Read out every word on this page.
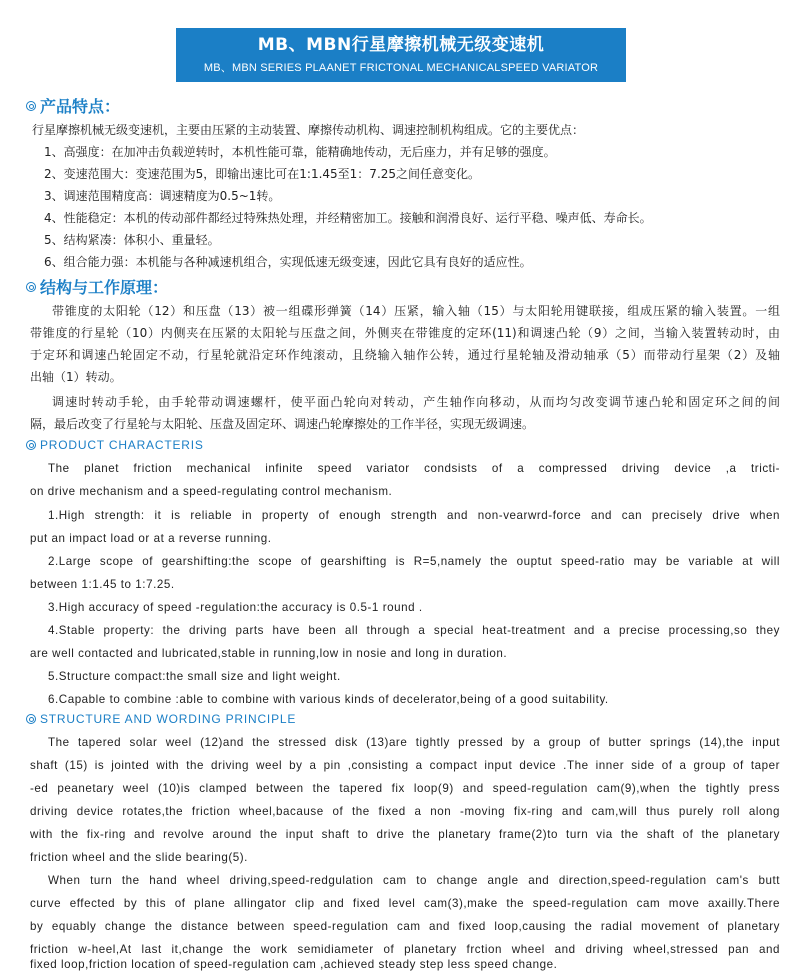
MB、MBN行星摩擦机械无级变速机
MB、MBN SERIES PLAANET FRICTONAL MECHANICALSPEED VARIATOR
产品特点：
行星摩擦机械无级变速机，主要由压紧的主动装置、摩擦传动机构、调速控制机构组成。它的主要优点：
1、高强度：在加冲击负载逆转时，本机性能可靠，能精确地传动，无后座力，并有足够的强度。
2、变速范围大：变速范围为5，即输出速比可在1:1.45至1：7.25之间任意变化。
3、调速范围精度高：调速精度为0.5~1转。
4、性能稳定：本机的传动部件都经过特殊热处理，并经精密加工。接触和润滑良好、运行平稳、噪声低、寿命长。
5、结构紧凑：体积小、重量轻。
6、组合能力强：本机能与各种减速机组合，实现低速无级变速，因此它具有良好的适应性。
结构与工作原理：
带锥度的太阳轮（12）和压盘（13）被一组碟形弹簧（14）压紧，输入轴（15）与太阳轮用键联接，组成压紧的输入装置。一组
带锥度的行星轮（10）内侧夹在压紧的太阳轮与压盘之间，外侧夹在带锥度的定环(11)和调速凸轮（9）之间，当输入装置转动时，由
于定环和调速凸轮固定不动，行星轮就沿定环作纯滚动，且绕输入轴作公转，通过行星轮轴及滑动轴承（5）而带动行星架（2）及轴
出轴（1）转动。
调速时转动手轮，由手轮带动调速螺杆，使平面凸轮向对转动，产生轴作向移动，从而均匀改变调节速凸轮和固定环之间的间
隔，最后改变了行星轮与太阳轮、压盘及固定环、调速凸轮摩擦处的工作半径，实现无级调速。
PRODUCT CHARACTERIS
The planet friction mechanical infinite speed variator condsists of a compressed driving device ,a tricti-
on drive mechanism and a speed-regulating control mechanism.
1.High strength: it is reliable in property of enough strength and non-vearwrd-force and can precisely drive when
put an impact load or at a reverse running.
2.Large scope of gearshifting:the scope of gearshifting is R=5,namely the ouptut speed-ratio may be variable at will
between 1:1.45 to 1:7.25.
3.High accuracy of speed -regulation:the accuracy is 0.5-1 round .
4.Stable property: the driving parts have been all through a special heat-treatment and a precise processing,so they
are well contacted and lubricated,stable in running,low in nosie and long in duration.
5.Structure compact:the small size and light weight.
6.Capable to combine :able to combine with various kinds of decelerator,being of a good suitability.
STRUCTURE AND WORDING PRINCIPLE
The tapered solar weel (12)and the stressed disk (13)are tightly pressed by a group of butter springs (14),the input
shaft (15) is jointed with the driving weel by a pin ,consisting a compact input device .The inner side of a group of taper
-ed peanetary weel (10)is clamped between the tapered fix loop(9) and speed-regulation cam(9),when the tightly press
driving device rotates,the friction wheel,bacause of the fixed a non -moving fix-ring and cam,will thus purely roll along
with the fix-ring and revolve around the input shaft to drive the planetary frame(2)to turn via the shaft of the planetary
friction wheel and the slide bearing(5).
When turn the hand wheel driving,speed-redgulation cam to change angle and direction,speed-regulation cam's butt
curve effected by this of plane allingator clip and fixed level cam(3),make the speed-regulation cam move axailly.There
by equably change the distance between speed-regulation cam and fixed loop,causing the radial movement of planetary
friction w-heel,At last it,change the work semidiameter of planetary frction wheel and driving wheel,stressed pan and
fixed loop,friction location of speed-regulation cam ,achieved steady step less speed change.
